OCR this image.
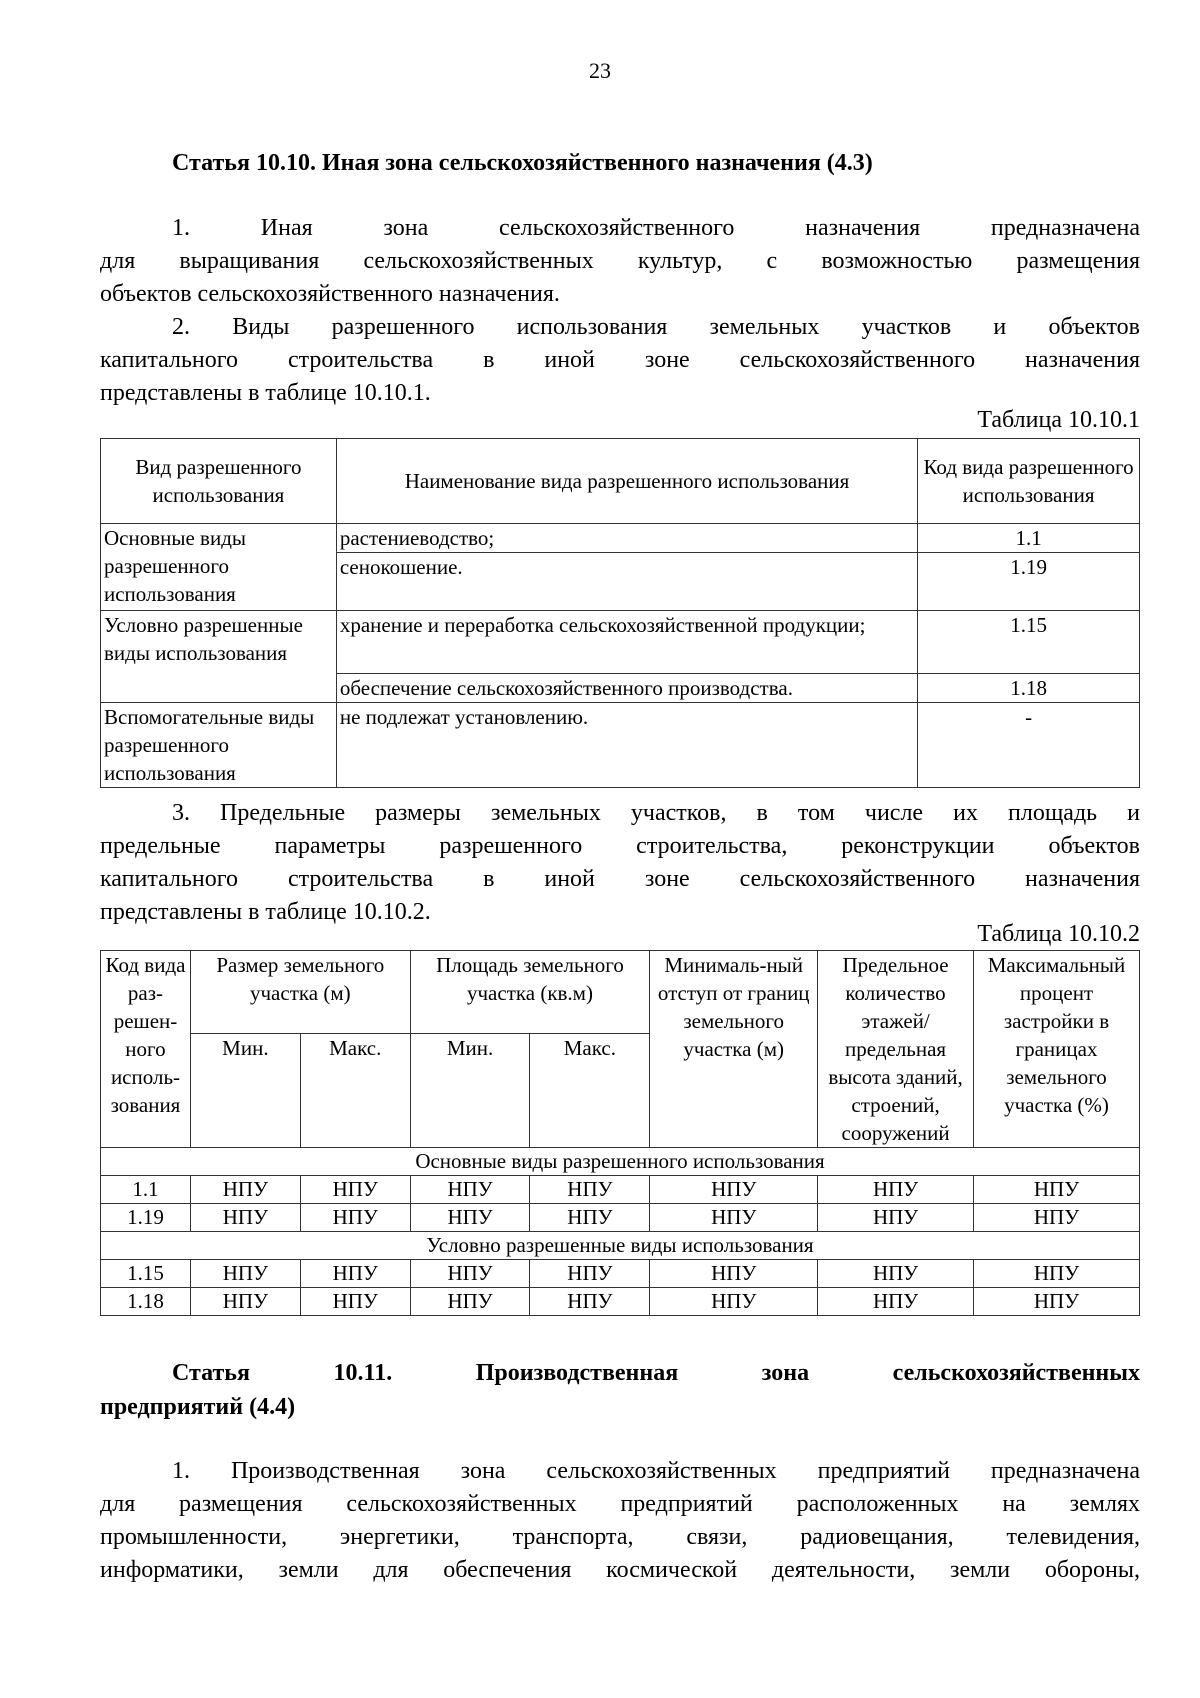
23
Статья 10.10. Иная зона сельскохозяйственного назначения (4.3)
1. Иная зона сельскохозяйственного назначения предназначена
для выращивания сельскохозяйственных культур, с возможностью размещения
объектов сельскохозяйственного назначения.
2. Виды разрешенного использования земельных участков и объектов
капитального строительства в иной зоне сельскохозяйственного назначения
представлены в таблице 10.10.1.
Таблица 10.10.1
Вид разрешенного использования	Наименование вида разрешенного использования	Код вида разрешенного использования
Основные виды разрешенного использования	растениеводство;	1.1
	сенокошение.	1.19
Условно разрешенные виды использования	хранение и переработка сельскохозяйственной продукции;	1.15
	обеспечение сельскохозяйственного производства.	1.18
Вспомогательные виды разрешенного использования	не подлежат установлению.	-
3. Предельные размеры земельных участков, в том числе их площадь и
предельные параметры разрешенного строительства, реконструкции объектов
капитального строительства в иной зоне сельскохозяйственного назначения
представлены в таблице 10.10.2.
Таблица 10.10.2
Код вида раз-решен-ного исполь-зования	Размер земельного участка (м)		Площадь земельного участка (кв.м)		Минималь-ный отступ от границ земельного участка (м)	Предельное количество этажей/ предельная высота зданий, строений, сооружений	Максимальный процент застройки в границах земельного участка (%)
	Мин.	Макс.	Мин.	Макс.			
Основные виды разрешенного использования							
1.1	НПУ	НПУ	НПУ	НПУ	НПУ	НПУ	НПУ
1.19	НПУ	НПУ	НПУ	НПУ	НПУ	НПУ	НПУ
Условно разрешенные виды использования							
1.15	НПУ	НПУ	НПУ	НПУ	НПУ	НПУ	НПУ
1.18	НПУ	НПУ	НПУ	НПУ	НПУ	НПУ	НПУ
Статья	10.11.	Производственная	зона	сельскохозяйственных
предприятий (4.4)
1. Производственная зона сельскохозяйственных предприятий предназначена
для размещения сельскохозяйственных предприятий расположенных на землях
промышленности, энергетики, транспорта, связи, радиовещания, телевидения,
информатики, земли для обеспечения космической деятельности, земли обороны,
